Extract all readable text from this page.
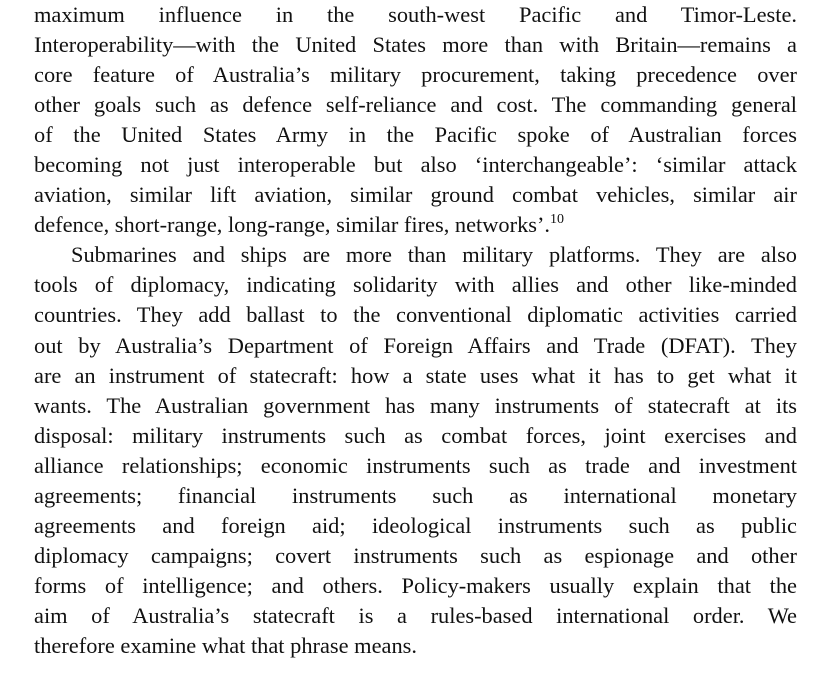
maximum influence in the south-west Pacific and Timor-Leste.
Interoperability—with the United States more than with Britain—remains a
core feature of Australia’s military procurement, taking precedence over
other goals such as defence self-reliance and cost. The commanding general
of the United States Army in the Pacific spoke of Australian forces
becoming not just interoperable but also ‘interchangeable’: ‘similar attack
aviation, similar lift aviation, similar ground combat vehicles, similar air
defence, short-range, long-range, similar fires, networks’.$^{10}$

Submarines and ships are more than military platforms. They are also
tools of diplomacy, indicating solidarity with allies and other like-minded
countries. They add ballast to the conventional diplomatic activities carried
out by Australia’s Department of Foreign Affairs and Trade (DFAT). They
are an instrument of statecraft: how a state uses what it has to get what it
wants. The Australian government has many instruments of statecraft at its
disposal: military instruments such as combat forces, joint exercises and
alliance relationships; economic instruments such as trade and investment
agreements; financial instruments such as international monetary
agreements and foreign aid; ideological instruments such as public
diplomacy campaigns; covert instruments such as espionage and other
forms of intelligence; and others. Policy-makers usually explain that the
aim of Australia’s statecraft is a rules-based international order. We
therefore examine what that phrase means.
